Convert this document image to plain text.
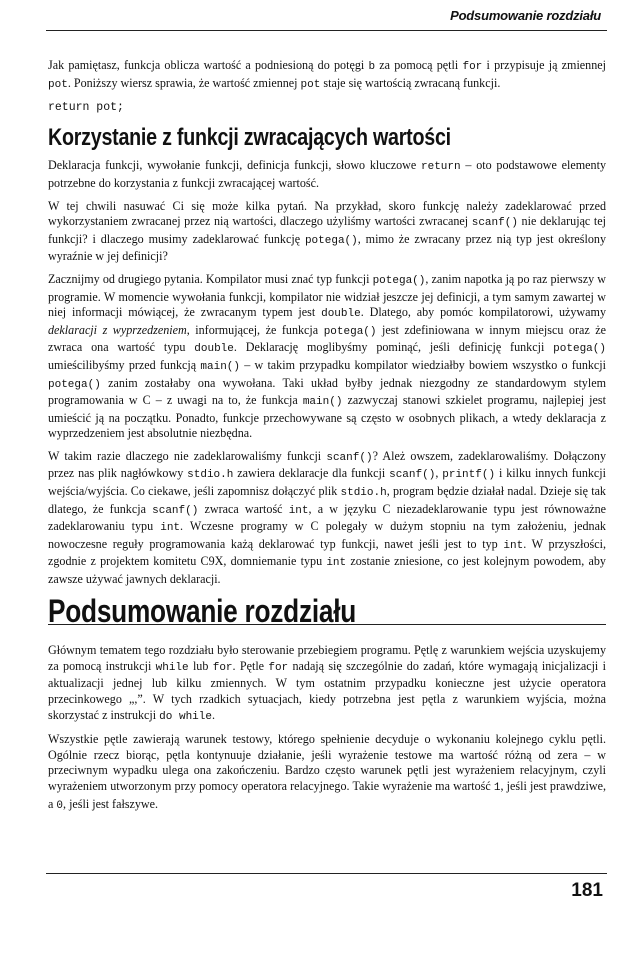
Podsumowanie rozdziału

Jak pamiętasz, funkcja oblicza wartość a podniesioną do potęgi b za pomocą pętli for i przypisuje ją zmiennej pot. Poniższy wiersz sprawia, że wartość zmiennej pot staje się wartością zwracaną funkcji.

return pot;
Korzystanie z funkcji zwracających wartości

Deklaracja funkcji, wywołanie funkcji, definicja funkcji, słowo kluczowe return – oto podstawowe elementy potrzebne do korzystania z funkcji zwracającej wartość.

W tej chwili nasuwać Ci się może kilka pytań. Na przykład, skoro funkcję należy zadeklarować przed wykorzystaniem zwracanej przez nią wartości, dlaczego użyliśmy wartości zwracanej scanf() nie deklarując tej funkcji? i dlaczego musimy zadeklarować funkcję potega(), mimo że zwracany przez nią typ jest określony wyraźnie w jej definicji?

Zacznijmy od drugiego pytania. Kompilator musi znać typ funkcji potega(), zanim napotka ją po raz pierwszy w programie. W momencie wywołania funkcji, kompilator nie widział jeszcze jej definicji, a tym samym zawartej w niej informacji mówiącej, że zwracanym typem jest double. Dlatego, aby pomóc kompilatorowi, używamy deklaracji z wyprzedzeniem, informującej, że funkcja potega() jest zdefiniowana w innym miejscu oraz że zwraca ona wartość typu double. Deklarację moglibyśmy pominąć, jeśli definicję funkcji potega() umieścilibyśmy przed funkcją main() – w takim przypadku kompilator wiedziałby bowiem wszystko o funkcji potega() zanim zostałaby ona wywołana. Taki układ byłby jednak niezgodny ze standardowym stylem programowania w C – z uwagi na to, że funkcja main() zazwyczaj stanowi szkielet programu, najlepiej jest umieścić ją na początku. Ponadto, funkcje przechowywane są często w osobnych plikach, a wtedy deklaracja z wyprzedzeniem jest absolutnie niezbędna.

W takim razie dlaczego nie zadeklarowaliśmy funkcji scanf()? Ależ owszem, zadeklarowaliśmy. Dołączony przez nas plik nagłówkowy stdio.h zawiera deklaracje dla funkcji scanf(), printf() i kilku innych funkcji wejścia/wyjścia. Co ciekawe, jeśli zapomnisz dołączyć plik stdio.h, program będzie działał nadal. Dzieje się tak dlatego, że funkcja scanf() zwraca wartość int, a w języku C niezadeklarowanie typu jest równoważne zadeklarowaniu typu int. Wczesne programy w C polegały w dużym stopniu na tym założeniu, jednak nowoczesne reguły programowania każą deklarować typ funkcji, nawet jeśli jest to typ int. W przyszłości, zgodnie z projektem komitetu C9X, domniemanie typu int zostanie zniesione, co jest kolejnym powodem, aby zawsze używać jawnych deklaracji.

Podsumowanie rozdziału

Głównym tematem tego rozdziału było sterowanie przebiegiem programu. Pętlę z warunkiem wejścia uzyskujemy za pomocą instrukcji while lub for. Pętle for nadają się szczególnie do zadań, które wymagają inicjalizacji i aktualizacji jednej lub kilku zmiennych. W tym ostatnim przypadku konieczne jest użycie operatora przecinkowego „,”. W tych rzadkich sytuacjach, kiedy potrzebna jest pętla z warunkiem wyjścia, można skorzystać z instrukcji do while.

Wszystkie pętle zawierają warunek testowy, którego spełnienie decyduje o wykonaniu kolejnego cyklu pętli. Ogólnie rzecz biorąc, pętla kontynuuje działanie, jeśli wyrażenie testowe ma wartość różną od zera – w przeciwnym wypadku ulega ona zakończeniu. Bardzo często warunek pętli jest wyrażeniem relacyjnym, czyli wyrażeniem utworzonym przy pomocy operatora relacyjnego. Takie wyrażenie ma wartość 1, jeśli jest prawdziwe, a 0, jeśli jest fałszywe.

181
